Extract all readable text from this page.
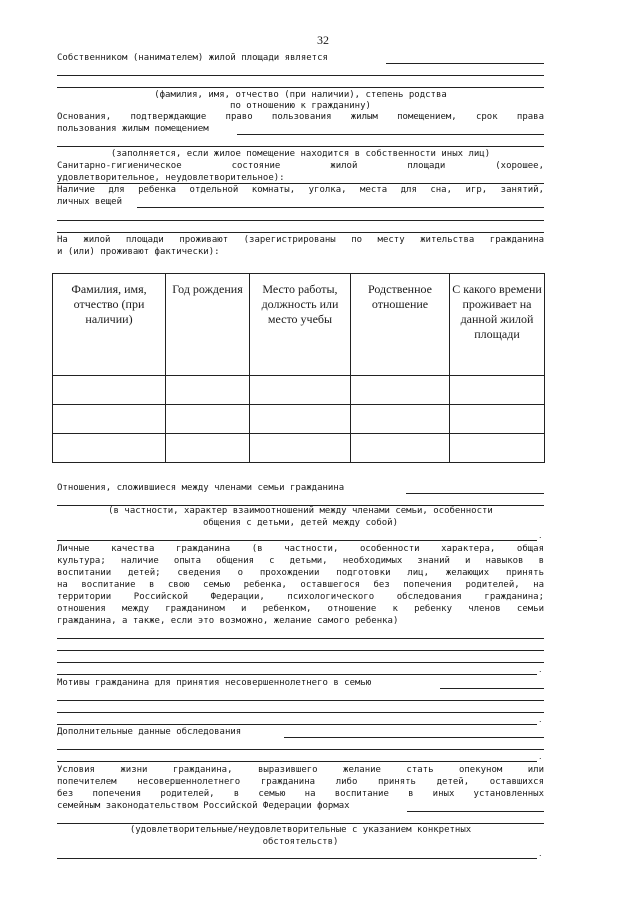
32
Собственником (нанимателем) жилой площади является
(фамилия, имя, отчество (при наличии), степень родства
по отношению к гражданину)
Основания, подтверждающие право пользования жилым помещением, срок права
пользования жилым помещением
(заполняется, если жилое помещение находится в собственности иных лиц)
Санитарно-гигиеническое состояние жилой площади (хорошее,
удовлетворительное, неудовлетворительное):
Наличие для ребенка отдельной комнаты, уголка, места для сна, игр, занятий,
личных вещей
На жилой площади проживают (зарегистрированы по месту жительства гражданина
и (или) проживают фактически):
Фамилия, имя, отчество (при наличии)	Год рождения	Место работы, должность или место учебы	Родственное отношение	С какого времени проживает на данной жилой площади

Отношения, сложившиеся между членами семьи гражданина
(в частности, характер взаимоотношений между членами семьи, особенности
общения с детьми, детей между собой)
.
Личные качества гражданина (в частности, особенности характера, общая
культура; наличие опыта общения с детьми, необходимых знаний и навыков в
воспитании детей; сведения о прохождении подготовки лиц, желающих принять
на воспитание в свою семью ребенка, оставшегося без попечения родителей, на
территории Российской Федерации, психологического обследования гражданина;
отношения между гражданином и ребенком, отношение к ребенку членов семьи
гражданина, а также, если это возможно, желание самого ребенка)
.
Мотивы гражданина для принятия несовершеннолетнего в семью
.
Дополнительные данные обследования
.
Условия жизни гражданина, выразившего желание стать опекуном или
попечителем несовершеннолетнего гражданина либо принять детей, оставшихся
без попечения родителей, в семью на воспитание в иных установленных
семейным законодательством Российской Федерации формах
(удовлетворительные/неудовлетворительные с указанием конкретных
обстоятельств)
.
